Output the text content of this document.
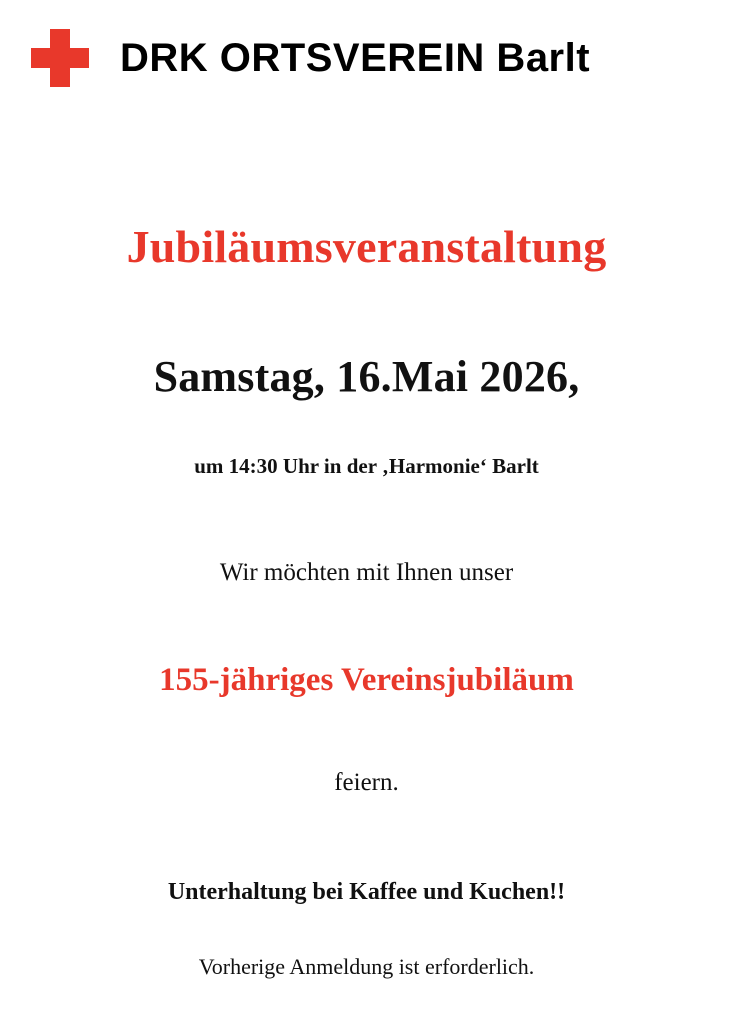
DRK ORTSVEREIN Barlt
Jubiläumsveranstaltung
Samstag, 16.Mai 2026,
um 14:30 Uhr in der ‚Harmonie‘ Barlt
Wir möchten mit Ihnen unser
155-jähriges Vereinsjubiläum
feiern.
Unterhaltung bei Kaffee und Kuchen!!
Vorherige Anmeldung ist erforderlich.
